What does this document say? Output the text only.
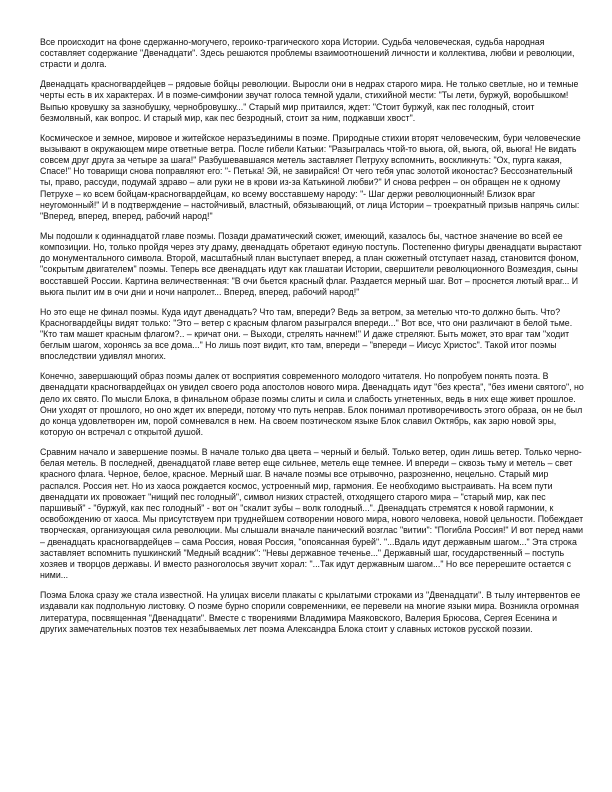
Все происходит на фоне сдержанно-могучего, героико-трагического хора Истории. Судьба человеческая, судьба народная составляет содержание "Двенадцати". Здесь решаются проблемы взаимоотношений личности и коллектива, любви и революции, страсти и долга.

Двенадцать красногвардейцев – рядовые бойцы революции. Выросли они в недрах старого мира. Не только светлые, но и темные черты есть в их характерах. И в поэме-симфонии звучат голоса темной удали, стихийной мести: "Ты лети, буржуй, воробышком! Выпью кровушку за зазнобушку, чернобровушку..." Старый мир притаился, ждет: "Стоит буржуй, как пес голодный, стоит безмолвный, как вопрос. И старый мир, как пес безродный, стоит за ним, поджавши хвост".

Космическое и земное, мировое и житейское неразъединимы в поэме. Природные стихии вторят человеческим, бури человеческие вызывают в окружающем мире ответные ветра. После гибели Катьки: "Разыгралась чтой-то вьюга, ой, вьюга, ой, вьюга! Не видать совсем друг друга за четыре за шага!" Разбушевавшаяся метель заставляет Петруху вспомнить, воскликнуть: "Ох, пурга какая, Спасе!" Но товарищи снова поправляют его: "- Петька! Эй, не завирайся! От чего тебя упас золотой иконостас? Бессознательный ты, право, рассуди, подумай здраво – али руки не в крови из-за Катькиной любви?" И снова рефрен – он обращен не к одному Петрухе – ко всем бойцам-красногвардейцам, ко всему восставшему народу: "- Шаг держи революционный! Близок враг неугомонный!" И в подтверждение – настойчивый, властный, обязывающий, от лица Истории – троекратный призыв напрячь силы: "Вперед, вперед, вперед, рабочий народ!"

Мы подошли к одиннадцатой главе поэмы. Позади драматический сюжет, имеющий, казалось бы, частное значение во всей ее композиции. Но, только пройдя через эту драму, двенадцать обретают единую поступь. Постепенно фигуры двенадцати вырастают до монументального символа. Второй, масштабный план выступает вперед, а план сюжетный отступает назад, становится фоном, "сокрытым двигателем" поэмы. Теперь все двенадцать идут как глашатаи Истории, свершители революционного Возмездия, сыны восставшей России. Картина величественная: "В очи бьется красный флаг. Раздается мерный шаг. Вот – проснется лютый враг... И вьюга пылит им в очи дни и ночи напролет... Вперед, вперед, рабочий народ!"

Но это еще не финал поэмы. Куда идут двенадцать? Что там, впереди? Ведь за ветром, за метелью что-то должно быть. Что? Красногвардейцы видят только: "Это – ветер с красным флагом разыгрался впереди..." Вот все, что они различают в белой тьме. "Кто там машет красным флагом?.. – кричат они. – Выходи, стрелять начнем!" И даже стреляют. Быть может, это враг там "ходит беглым шагом, хоронясь за все дома..." Но лишь поэт видит, кто там, впереди – "впереди – Иисус Христос". Такой итог поэмы впоследствии удивлял многих.

Конечно, завершающий образ поэмы далек от восприятия современного молодого читателя. Но попробуем понять поэта. В двенадцати красногвардейцах он увидел своего рода апостолов нового мира. Двенадцать идут "без креста", "без имени святого", но дело их свято. По мысли Блока, в финальном образе поэмы слиты и сила и слабость угнетенных, ведь в них еще живет прошлое. Они уходят от прошлого, но оно ждет их впереди, потому что путь неправ. Блок понимал противоречивость этого образа, он не был до конца удовлетворен им, порой сомневался в нем. На своем поэтическом языке Блок славил Октябрь, как зарю новой эры, которую он встречал с открытой душой.

Сравним начало и завершение поэмы. В начале только два цвета – черный и белый. Только ветер, один лишь ветер. Только черно-белая метель. В последней, двенадцатой главе ветер еще сильнее, метель еще темнее. И впереди – сквозь тьму и метель – свет красного флага. Черное, белое, красное. Мерный шаг. В начале поэмы все отрывочно, разрозненно, нецельно. Старый мир распался. Россия нет. Но из хаоса рождается космос, устроенный мир, гармония. Ее необходимо выстраивать. На всем пути двенадцати их провожает "нищий пес голодный", символ низких страстей, отходящего старого мира – "старый мир, как пес паршивый" - "буржуй, как пес голодный" - вот он "скалит зубы – волк голодный...". Двенадцать стремятся к новой гармонии, к освобождению от хаоса. Мы присутствуем при труднейшем сотворении нового мира, нового человека, новой цельности. Побеждает творческая, организующая сила революции. Мы слышали вначале панический возглас "витии": "Погибла Россия!" И вот перед нами – двенадцать красногвардейцев – сама Россия, новая Россия, "опоясанная бурей". "...Вдаль идут державным шагом..." Эта строка заставляет вспомнить пушкинский "Медный всадник": "Невы державное теченье..." Державный шаг, государственный – поступь хозяев и творцов державы. И вместо разноголосья звучит хорал: "...Так идут державным шагом..." Но все перерешите остается с ними...

Поэма Блока сразу же стала известной. На улицах висели плакаты с крылатыми строками из "Двенадцати". В тылу интервентов ее издавали как подпольную листовку. О поэме бурно спорили современники, ее перевели на многие языки мира. Возникла огромная литература, посвященная "Двенадцати". Вместе с творениями Владимира Маяковского, Валерия Брюсова, Сергея Есенина и других замечательных поэтов тех незабываемых лет поэма Александра Блока стоит у славных истоков русской поэзии.
